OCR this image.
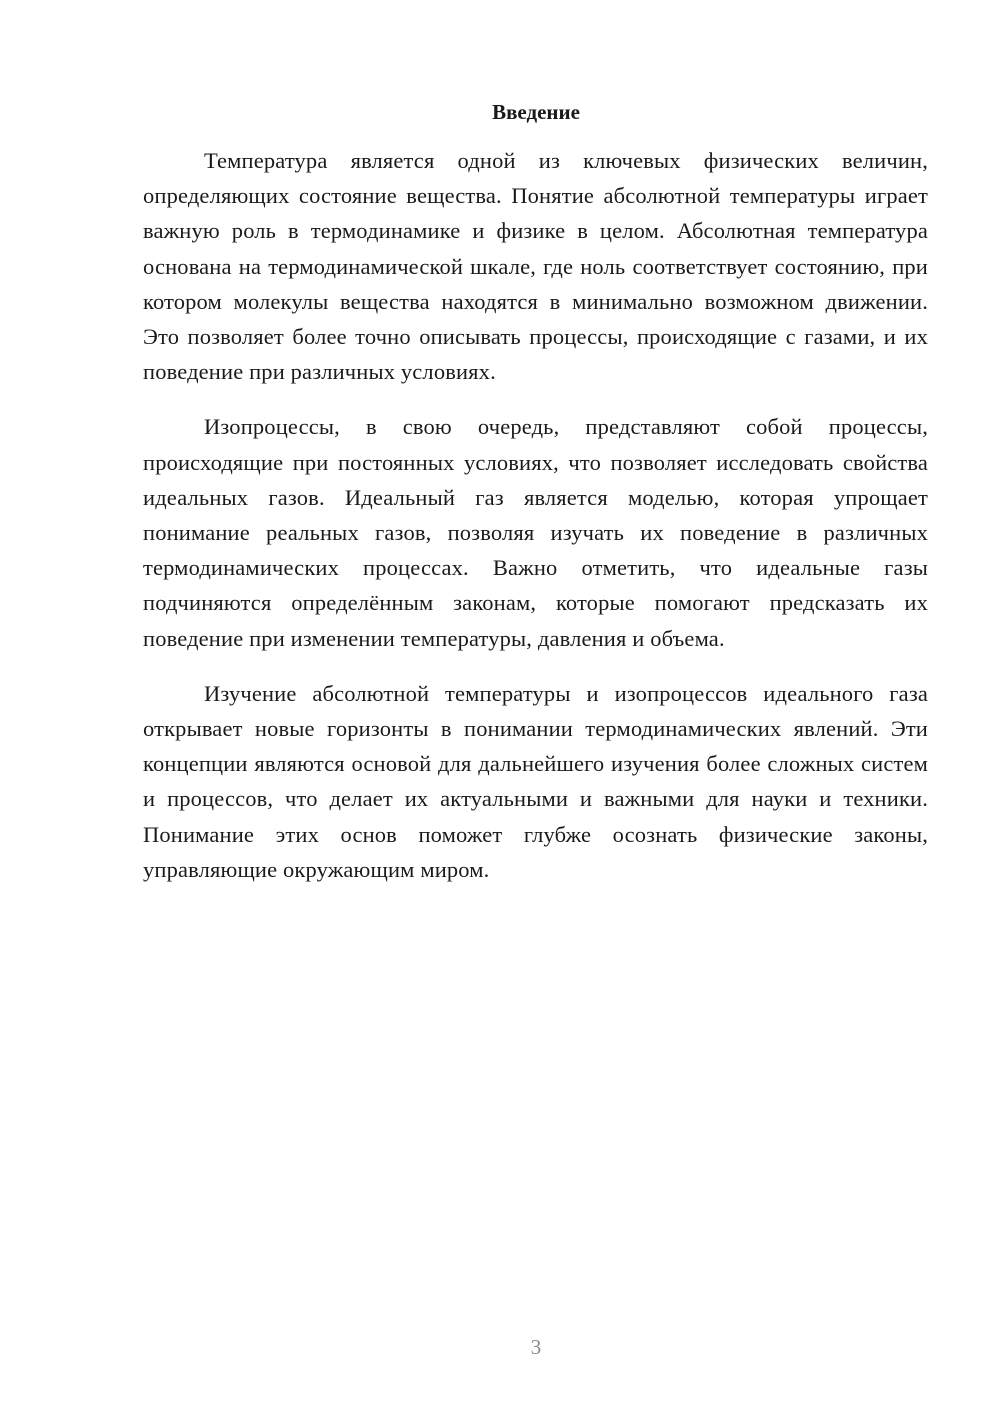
Введение

Температура является одной из ключевых физических величин, определяющих состояние вещества. Понятие абсолютной температуры играет важную роль в термодинамике и физике в целом. Абсолютная температура основана на термодинамической шкале, где ноль соответствует состоянию, при котором молекулы вещества находятся в минимально возможном движении. Это позволяет более точно описывать процессы, происходящие с газами, и их поведение при различных условиях.

Изопроцессы, в свою очередь, представляют собой процессы, происходящие при постоянных условиях, что позволяет исследовать свойства идеальных газов. Идеальный газ является моделью, которая упрощает понимание реальных газов, позволяя изучать их поведение в различных термодинамических процессах. Важно отметить, что идеальные газы подчиняются определённым законам, которые помогают предсказать их поведение при изменении температуры, давления и объема.

Изучение абсолютной температуры и изопроцессов идеального газа открывает новые горизонты в понимании термодинамических явлений. Эти концепции являются основой для дальнейшего изучения более сложных систем и процессов, что делает их актуальными и важными для науки и техники. Понимание этих основ поможет глубже осознать физические законы, управляющие окружающим миром.

3
